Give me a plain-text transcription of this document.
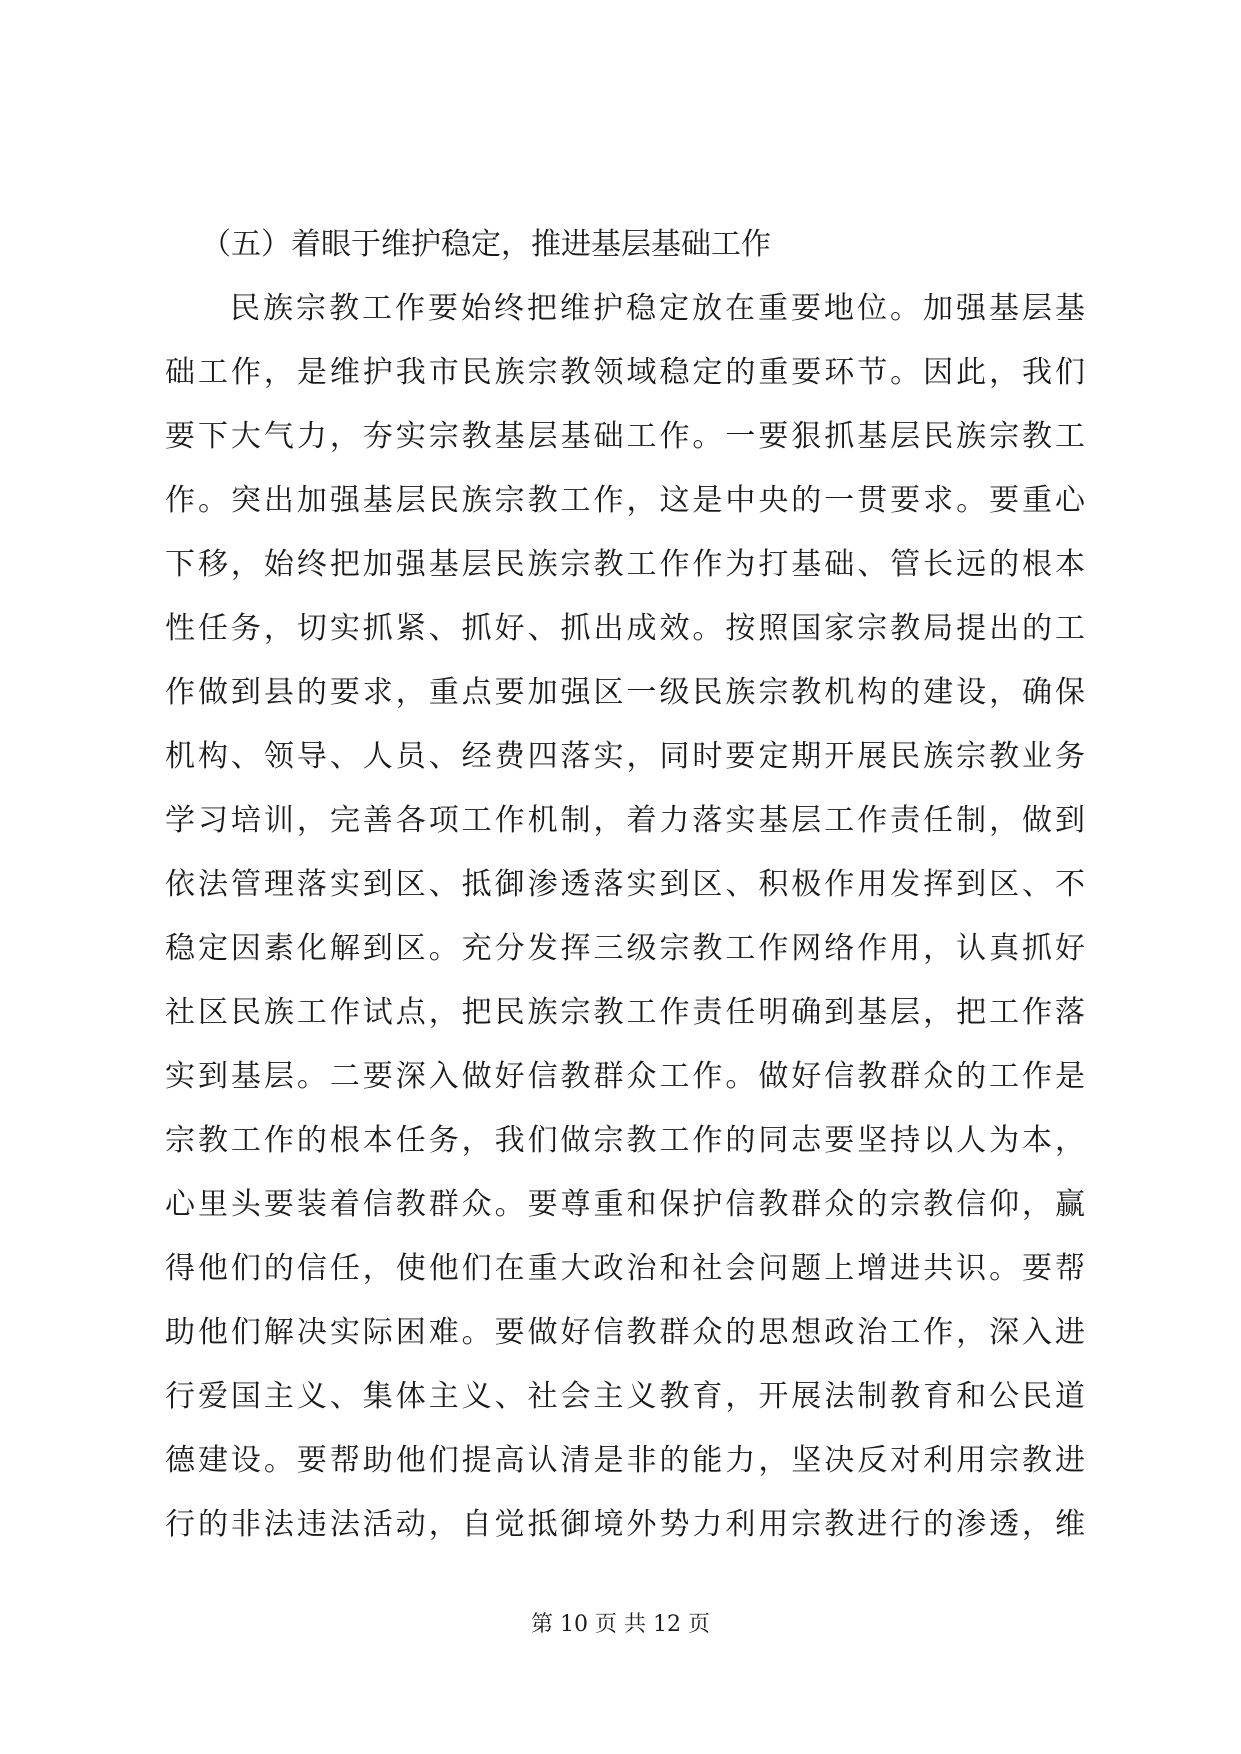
（五）着眼于维护稳定，推进基层基础工作
民族宗教工作要始终把维护稳定放在重要地位。加强基层基
础工作，是维护我市民族宗教领域稳定的重要环节。因此，我们
要下大气力，夯实宗教基层基础工作。一要狠抓基层民族宗教工
作。突出加强基层民族宗教工作，这是中央的一贯要求。要重心
下移，始终把加强基层民族宗教工作作为打基础、管长远的根本
性任务，切实抓紧、抓好、抓出成效。按照国家宗教局提出的工
作做到县的要求，重点要加强区一级民族宗教机构的建设，确保
机构、领导、人员、经费四落实，同时要定期开展民族宗教业务
学习培训，完善各项工作机制，着力落实基层工作责任制，做到
依法管理落实到区、抵御渗透落实到区、积极作用发挥到区、不
稳定因素化解到区。充分发挥三级宗教工作网络作用，认真抓好
社区民族工作试点，把民族宗教工作责任明确到基层，把工作落
实到基层。二要深入做好信教群众工作。做好信教群众的工作是
宗教工作的根本任务，我们做宗教工作的同志要坚持以人为本，
心里头要装着信教群众。要尊重和保护信教群众的宗教信仰，赢
得他们的信任，使他们在重大政治和社会问题上增进共识。要帮
助他们解决实际困难。要做好信教群众的思想政治工作，深入进
行爱国主义、集体主义、社会主义教育，开展法制教育和公民道
德建设。要帮助他们提高认清是非的能力，坚决反对利用宗教进
行的非法违法活动，自觉抵御境外势力利用宗教进行的渗透，维
第 10 页 共 12 页
